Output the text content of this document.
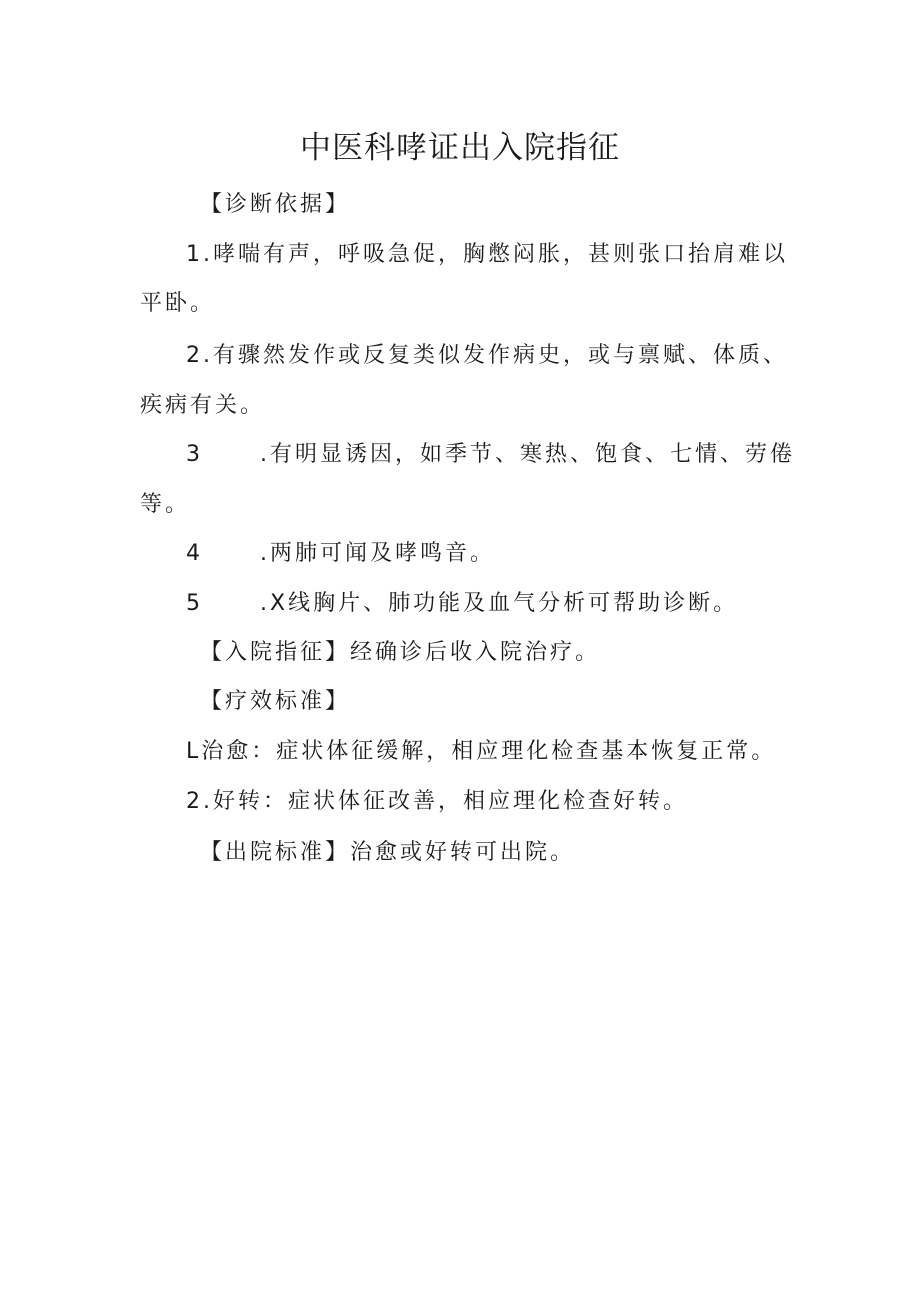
中医科哮证出入院指征
【诊断依据】
1.哮喘有声，呼吸急促，胸憋闷胀，甚则张口抬肩难以
平卧。
2.有骤然发作或反复类似发作病史，或与禀赋、体质、
疾病有关。
3	.有明显诱因，如季节、寒热、饱食、七情、劳倦
等。
4	.两肺可闻及哮鸣音。
5	.X线胸片、肺功能及血气分析可帮助诊断。
【入院指征】经确诊后收入院治疗。
【疗效标准】
L治愈：症状体征缓解，相应理化检查基本恢复正常。
2.好转：症状体征改善，相应理化检查好转。
【出院标准】治愈或好转可出院。
